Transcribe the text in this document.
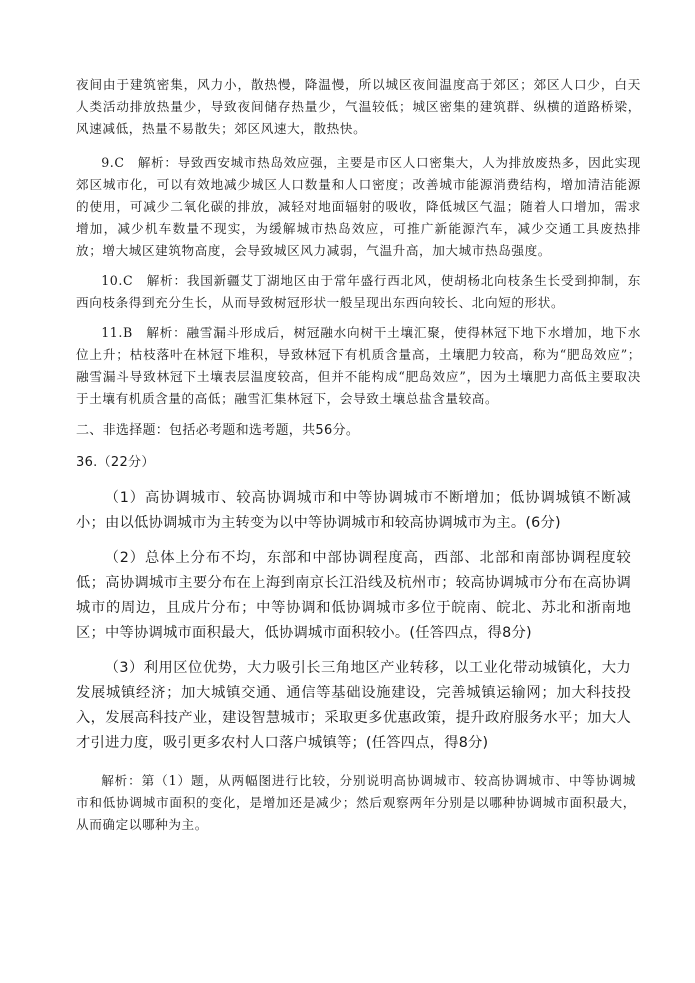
夜间由于建筑密集，风力小，散热慢，降温慢，所以城区夜间温度高于郊区；郊区人口少，白天人类活动排放热量少，导致夜间储存热量少，气温较低；城区密集的建筑群、纵横的道路桥梁，风速减低，热量不易散失；郊区风速大，散热快。

9.C　解析：导致西安城市热岛效应强，主要是市区人口密集大，人为排放废热多，因此实现郊区城市化，可以有效地减少城区人口数量和人口密度；改善城市能源消费结构，增加清洁能源的使用，可减少二氧化碳的排放，减轻对地面辐射的吸收，降低城区气温；随着人口增加，需求增加，减少机车数量不现实，为缓解城市热岛效应，可推广新能源汽车，减少交通工具废热排放；增大城区建筑物高度，会导致城区风力减弱，气温升高，加大城市热岛强度。

10.C　解析：我国新疆艾丁湖地区由于常年盛行西北风，使胡杨北向枝条生长受到抑制，东西向枝条得到充分生长，从而导致树冠形状一般呈现出东西向较长、北向短的形状。

11.B　解析：融雪漏斗形成后，树冠融水向树干土壤汇聚，使得林冠下地下水增加，地下水位上升；枯枝落叶在林冠下堆积，导致林冠下有机质含量高，土壤肥力较高，称为“肥岛效应”；融雪漏斗导致林冠下土壤表层温度较高，但并不能构成“肥岛效应”，因为土壤肥力高低主要取决于土壤有机质含量的高低；融雪汇集林冠下，会导致土壤总盐含量较高。

二、非选择题：包括必考题和选考题，共56分。

36.（22分）

（1）高协调城市、较高协调城市和中等协调城市不断增加；低协调城镇不断减小；由以低协调城市为主转变为以中等协调城市和较高协调城市为主。(6分)

（2）总体上分布不均，东部和中部协调程度高，西部、北部和南部协调程度较低；高协调城市主要分布在上海到南京长江沿线及杭州市；较高协调城市分布在高协调城市的周边，且成片分布；中等协调和低协调城市多位于皖南、皖北、苏北和浙南地区；中等协调城市面积最大，低协调城市面积较小。(任答四点，得8分)

（3）利用区位优势，大力吸引长三角地区产业转移，以工业化带动城镇化，大力发展城镇经济；加大城镇交通、通信等基础设施建设，完善城镇运输网；加大科技投入，发展高科技产业，建设智慧城市；采取更多优惠政策，提升政府服务水平；加大人才引进力度，吸引更多农村人口落户城镇等；(任答四点，得8分)

解析：第（1）题，从两幅图进行比较，分别说明高协调城市、较高协调城市、中等协调城市和低协调城市面积的变化，是增加还是减少；然后观察两年分别是以哪种协调城市面积最大，从而确定以哪种为主。
